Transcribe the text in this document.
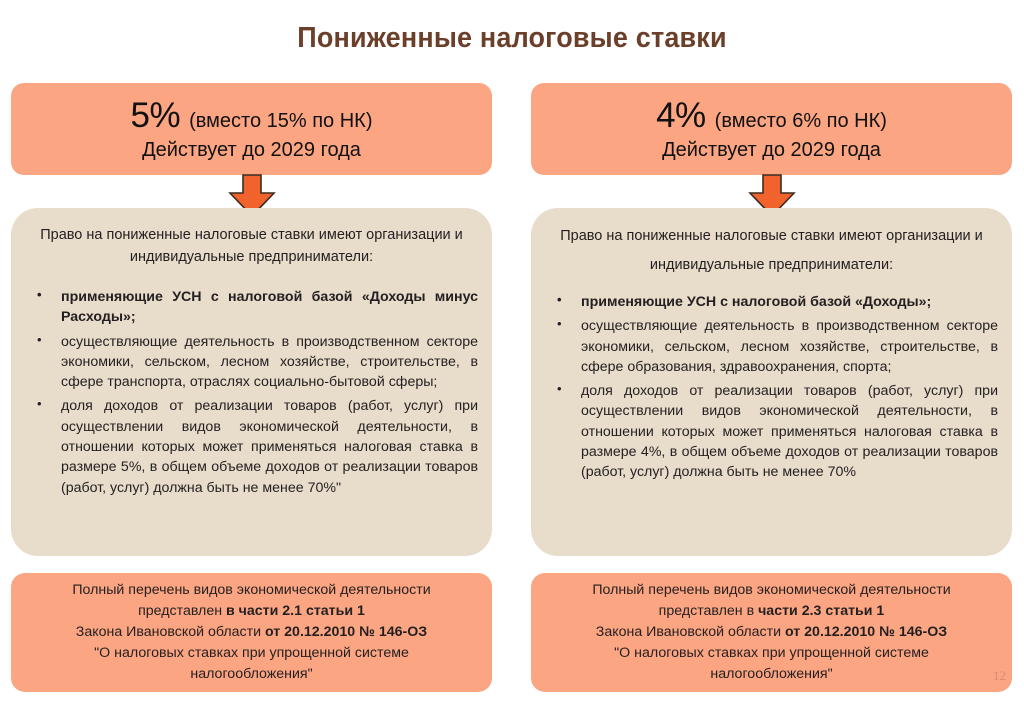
Пониженные налоговые ставки
5% (вместо 15% по НК)
Действует до 2029 года
Право на пониженные налоговые ставки имеют организации и индивидуальные предприниматели:
• применяющие УСН с налоговой базой «Доходы минус Расходы»;
• осуществляющие деятельность в производственном секторе экономики, сельском, лесном хозяйстве, строительстве, в сфере транспорта, отраслях социально-бытовой сферы;
• доля доходов от реализации товаров (работ, услуг) при осуществлении видов экономической деятельности, в отношении которых может применяться налоговая ставка в размере 5%, в общем объеме доходов от реализации товаров (работ, услуг) должна быть не менее 70%"
Полный перечень видов экономической деятельности
представлен в части 2.1 статьи 1
Закона Ивановской области от 20.12.2010 № 146-ОЗ
"О налоговых ставках при упрощенной системе
налогообложения"
4% (вместо 6% по НК)
Действует до 2029 года
Право на пониженные налоговые ставки имеют организации и индивидуальные предприниматели:
• применяющие УСН с налоговой базой «Доходы»;
• осуществляющие деятельность в производственном секторе экономики, сельском, лесном хозяйстве, строительстве, в сфере образования, здравоохранения, спорта;
• доля доходов от реализации товаров (работ, услуг) при осуществлении видов экономической деятельности, в отношении которых может применяться налоговая ставка в размере 4%, в общем объеме доходов от реализации товаров (работ, услуг) должна быть не менее 70%
Полный перечень видов экономической деятельности
представлен в части 2.3 статьи 1
Закона Ивановской области от 20.12.2010 № 146-ОЗ
"О налоговых ставках при упрощенной системе
налогообложения"	12
